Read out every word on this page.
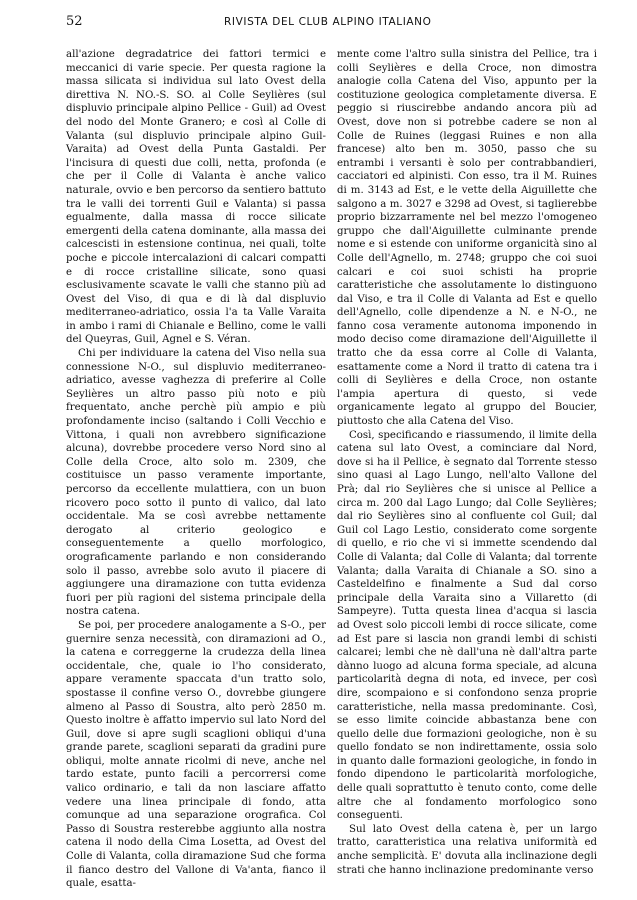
52	RIVISTA DEL CLUB ALPINO ITALIANO

all'azione degradatrice dei fattori termici e meccanici di varie specie. Per questa ragione la massa silicata si individua sul lato Ovest della direttiva N. NO.-S. SO. al Colle Seylières (sul displuvio principale alpino Pellice - Guil) ad Ovest del nodo del Monte Granero; e così al Colle di Valanta (sul displuvio principale alpino Guil-Varaita) ad Ovest della Punta Gastaldi. Per l'incisura di questi due colli, netta, profonda (e che per il Colle di Valanta è anche valico naturale, ovvio e ben percorso da sentiero battuto tra le valli dei torrenti Guil e Valanta) si passa egualmente, dalla massa di rocce silicate emergenti della catena dominante, alla massa dei calcescisti in estensione continua, nei quali, tolte poche e piccole intercalazioni di calcari compatti e di rocce cristalline silicate, sono quasi esclusivamente scavate le valli che stanno più ad Ovest del Viso, di qua e di là dal displuvio mediterraneo-adriatico, ossia l'a ta Valle Varaita in ambo i rami di Chianale e Bellino, come le valli del Queyras, Guil, Agnel e S. Véran.

Chi per individuare la catena del Viso nella sua connessione N-O., sul displuvio mediterraneo-adriatico, avesse vaghezza di preferire al Colle Seylières un altro passo più noto e più frequentato, anche perchè più ampio e più profondamente inciso (saltando i Colli Vecchio e Vittona, i quali non avrebbero significazione alcuna), dovrebbe procedere verso Nord sino al Colle della Croce, alto solo m. 2309, che costituisce un passo veramente importante, percorso da eccellente mulattiera, con un buon ricovero poco sotto il punto di valico, dal lato occidentale. Ma se così avrebbe nettamente derogato al criterio geologico e conseguentemente a quello morfologico, orograficamente parlando e non considerando solo il passo, avrebbe solo avuto il piacere di aggiungere una diramazione con tutta evidenza fuori per più ragioni del sistema principale della nostra catena.

Se poi, per procedere analogamente a S-O., per guernire senza necessità, con diramazioni ad O., la catena e correggerne la crudezza della linea occidentale, che, quale io l'ho considerato, appare veramente spaccata d'un tratto solo, spostasse il confine verso O., dovrebbe giungere almeno al Passo di Soustra, alto però 2850 m. Questo inoltre è affatto impervio sul lato Nord del Guil, dove si apre sugli scaglioni obliqui d'una grande parete, scaglioni separati da gradini pure obliqui, molte annate ricolmi di neve, anche nel tardo estate, punto facili a percorrersi come valico ordinario, e tali da non lasciare affatto vedere una linea principale di fondo, atta comunque ad una separazione orografica. Col Passo di Soustra resterebbe aggiunto alla nostra catena il nodo della Cima Losetta, ad Ovest del Colle di Valanta, colla diramazione Sud che forma il fianco destro del Vallone di Va'anta, fianco il quale, esatta-

mente come l'altro sulla sinistra del Pellice, tra i colli Seylières e della Croce, non dimostra analogie colla Catena del Viso, appunto per la costituzione geologica completamente diversa. E peggio si riuscirebbe andando ancora più ad Ovest, dove non si potrebbe cadere se non al Colle de Ruines (leggasi Ruines e non alla francese) alto ben m. 3050, passo che su entrambi i versanti è solo per contrabbandieri, cacciatori ed alpinisti. Con esso, tra il M. Ruines di m. 3143 ad Est, e le vette della Aiguillette che salgono a m. 3027 e 3298 ad Ovest, si taglierebbe proprio bizzarramente nel bel mezzo l'omogeneo gruppo che dall'Aiguillette culminante prende nome e si estende con uniforme organicità sino al Colle dell'Agnello, m. 2748; gruppo che coi suoi calcari e coi suoi schisti ha proprie caratteristiche che assolutamente lo distinguono dal Viso, e tra il Colle di Valanta ad Est e quello dell'Agnello, colle dipendenze a N. e N-O., ne fanno cosa veramente autonoma imponendo in modo deciso come diramazione dell'Aiguillette il tratto che da essa corre al Colle di Valanta, esattamente come a Nord il tratto di catena tra i colli di Seylières e della Croce, non ostante l'ampia apertura di questo, si vede organicamente legato al gruppo del Boucier, piuttosto che alla Catena del Viso.

Così, specificando e riassumendo, il limite della catena sul lato Ovest, a cominciare dal Nord, dove si ha il Pellice, è segnato dal Torrente stesso sino quasi al Lago Lungo, nell'alto Vallone del Prà; dal rio Seylières che si unisce al Pellice a circa m. 200 dal Lago Lungo; dal Colle Seylières; dal rio Seylières sino al confluente col Guil; dal Guil col Lago Lestio, considerato come sorgente di quello, e rio che vi si immette scendendo dal Colle di Valanta; dal Colle di Valanta; dal torrente Valanta; dalla Varaita di Chianale a SO. sino a Casteldelfino e finalmente a Sud dal corso principale della Varaita sino a Villaretto (di Sampeyre). Tutta questa linea d'acqua si lascia ad Ovest solo piccoli lembi di rocce silicate, come ad Est pare si lascia non grandi lembi di schisti calcarei; lembi che nè dall'una nè dall'altra parte dànno luogo ad alcuna forma speciale, ad alcuna particolarità degna di nota, ed invece, per così dire, scompaiono e si confondono senza proprie caratteristiche, nella massa predominante. Così, se esso limite coincide abbastanza bene con quello delle due formazioni geologiche, non è su quello fondato se non indirettamente, ossia solo in quanto dalle formazioni geologiche, in fondo in fondo dipendono le particolarità morfologiche, delle quali soprattutto è tenuto conto, come delle altre che al fondamento morfologico sono conseguenti.

Sul lato Ovest della catena è, per un largo tratto, caratteristica una relativa uniformità ed anche semplicità. E' dovuta alla inclinazione degli strati che hanno inclinazione predominante verso
